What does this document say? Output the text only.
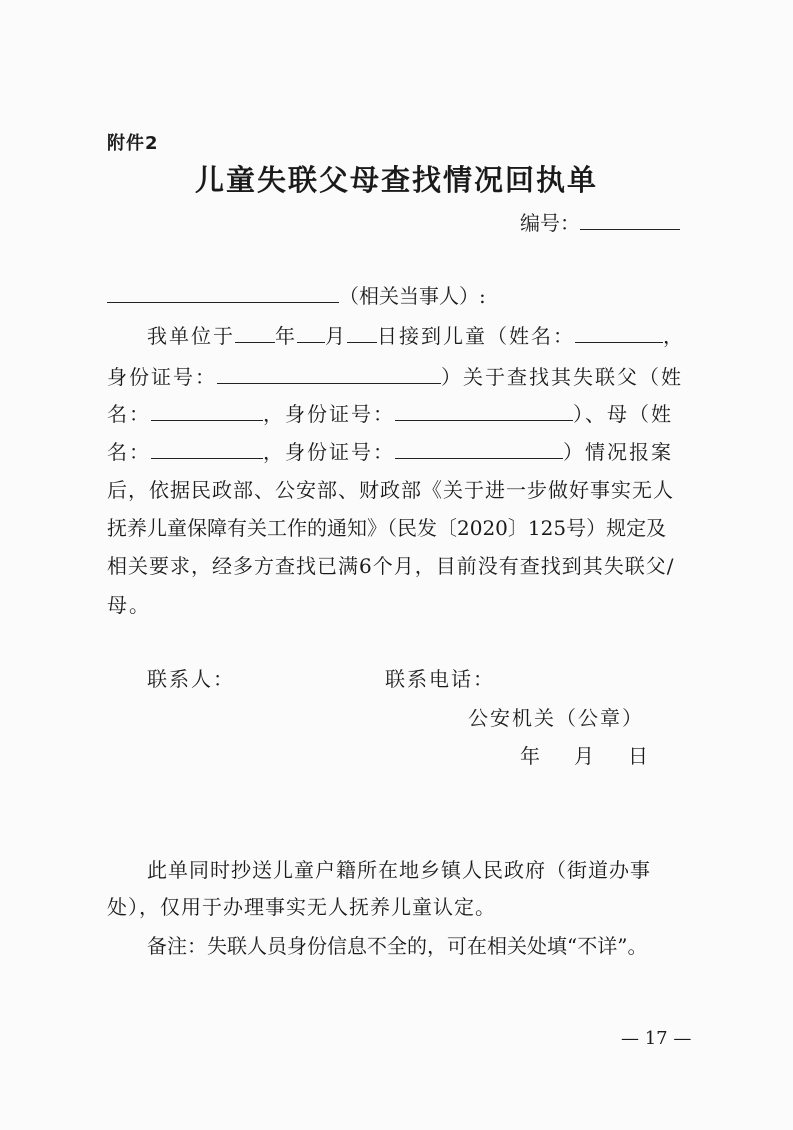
附件2
儿童失联父母查找情况回执单
编号：
（相关当事人）:
我单位于 年 月 日接到儿童（姓名：	，
身份证号：	）关于查找其失联父（姓
名：	，身份证号：	）、母（姓
名：	，身份证号：	）情况报案
后，依据民政部、公安部、财政部《关于进一步做好事实无人
抚养儿童保障有关工作的通知》（民发〔2020〕125号）规定及
相关要求，经多方查找已满6个月，目前没有查找到其失联父/
母。
联系人：	联系电话：
公安机关（公章）
年 月 日
此单同时抄送儿童户籍所在地乡镇人民政府（街道办事
处），仅用于办理事实无人抚养儿童认定。
备注：失联人员身份信息不全的，可在相关处填“不详”。
— 17 —
